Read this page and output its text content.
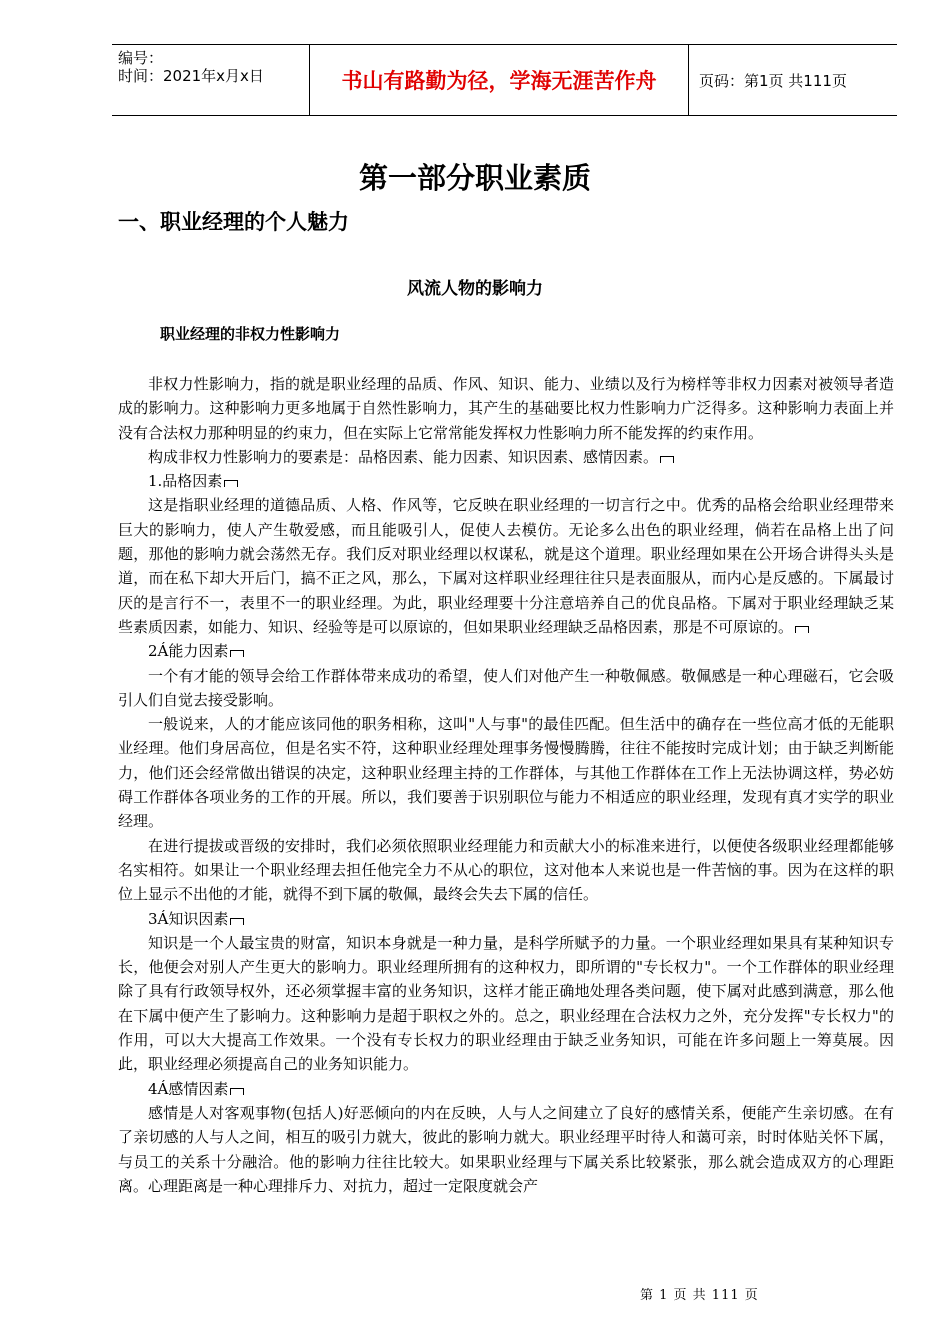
编号：
时间：2021年x月x日	书山有路勤为径，学海无涯苦作舟	页码：第1页 共111页
第一部分职业素质
一、职业经理的个人魅力
风流人物的影响力
职业经理的非权力性影响力

非权力性影响力，指的就是职业经理的品质、作风、知识、能力、业绩以及行为榜样等非权力因素对被领导者造成的影响力。这种影响力更多地属于自然性影响力，其产生的基础要比权力性影响力广泛得多。这种影响力表面上并没有合法权力那种明显的约束力，但在实际上它常常能发挥权力性影响力所不能发挥的约束作用。

构成非权力性影响力的要素是：品格因素、能力因素、知识因素、感情因素。

1.品格因素

这是指职业经理的道德品质、人格、作风等，它反映在职业经理的一切言行之中。优秀的品格会给职业经理带来巨大的影响力，使人产生敬爱感，而且能吸引人，促使人去模仿。无论多么出色的职业经理，倘若在品格上出了问题，那他的影响力就会荡然无存。我们反对职业经理以权谋私，就是这个道理。职业经理如果在公开场合讲得头头是道，而在私下却大开后门，搞不正之风，那么，下属对这样职业经理往往只是表面服从，而内心是反感的。下属最讨厌的是言行不一，表里不一的职业经理。为此，职业经理要十分注意培养自己的优良品格。下属对于职业经理缺乏某些素质因素，如能力、知识、经验等是可以原谅的，但如果职业经理缺乏品格因素，那是不可原谅的。

2Á能力因素

一个有才能的领导会给工作群体带来成功的希望，使人们对他产生一种敬佩感。敬佩感是一种心理磁石，它会吸引人们自觉去接受影响。

一般说来，人的才能应该同他的职务相称，这叫"人与事"的最佳匹配。但生活中的确存在一些位高才低的无能职业经理。他们身居高位，但是名实不符，这种职业经理处理事务慢慢腾腾，往往不能按时完成计划；由于缺乏判断能力，他们还会经常做出错误的决定，这种职业经理主持的工作群体，与其他工作群体在工作上无法协调这样，势必妨碍工作群体各项业务的工作的开展。所以，我们要善于识别职位与能力不相适应的职业经理，发现有真才实学的职业经理。

在进行提拔或晋级的安排时，我们必须依照职业经理能力和贡献大小的标准来进行，以便使各级职业经理都能够名实相符。如果让一个职业经理去担任他完全力不从心的职位，这对他本人来说也是一件苦恼的事。因为在这样的职位上显示不出他的才能，就得不到下属的敬佩，最终会失去下属的信任。

3Á知识因素

知识是一个人最宝贵的财富，知识本身就是一种力量，是科学所赋予的力量。一个职业经理如果具有某种知识专长，他便会对别人产生更大的影响力。职业经理所拥有的这种权力，即所谓的"专长权力"。一个工作群体的职业经理除了具有行政领导权外，还必须掌握丰富的业务知识，这样才能正确地处理各类问题，使下属对此感到满意，那么他在下属中便产生了影响力。这种影响力是超于职权之外的。总之，职业经理在合法权力之外，充分发挥"专长权力"的作用，可以大大提高工作效果。一个没有专长权力的职业经理由于缺乏业务知识，可能在许多问题上一筹莫展。因此，职业经理必须提高自己的业务知识能力。

4Á感情因素

感情是人对客观事物(包括人)好恶倾向的内在反映，人与人之间建立了良好的感情关系，便能产生亲切感。在有了亲切感的人与人之间，相互的吸引力就大，彼此的影响力就大。职业经理平时待人和蔼可亲，时时体贴关怀下属，与员工的关系十分融洽。他的影响力往往比较大。如果职业经理与下属关系比较紧张，那么就会造成双方的心理距离。心理距离是一种心理排斥力、对抗力，超过一定限度就会产

第 1 页 共 111 页
